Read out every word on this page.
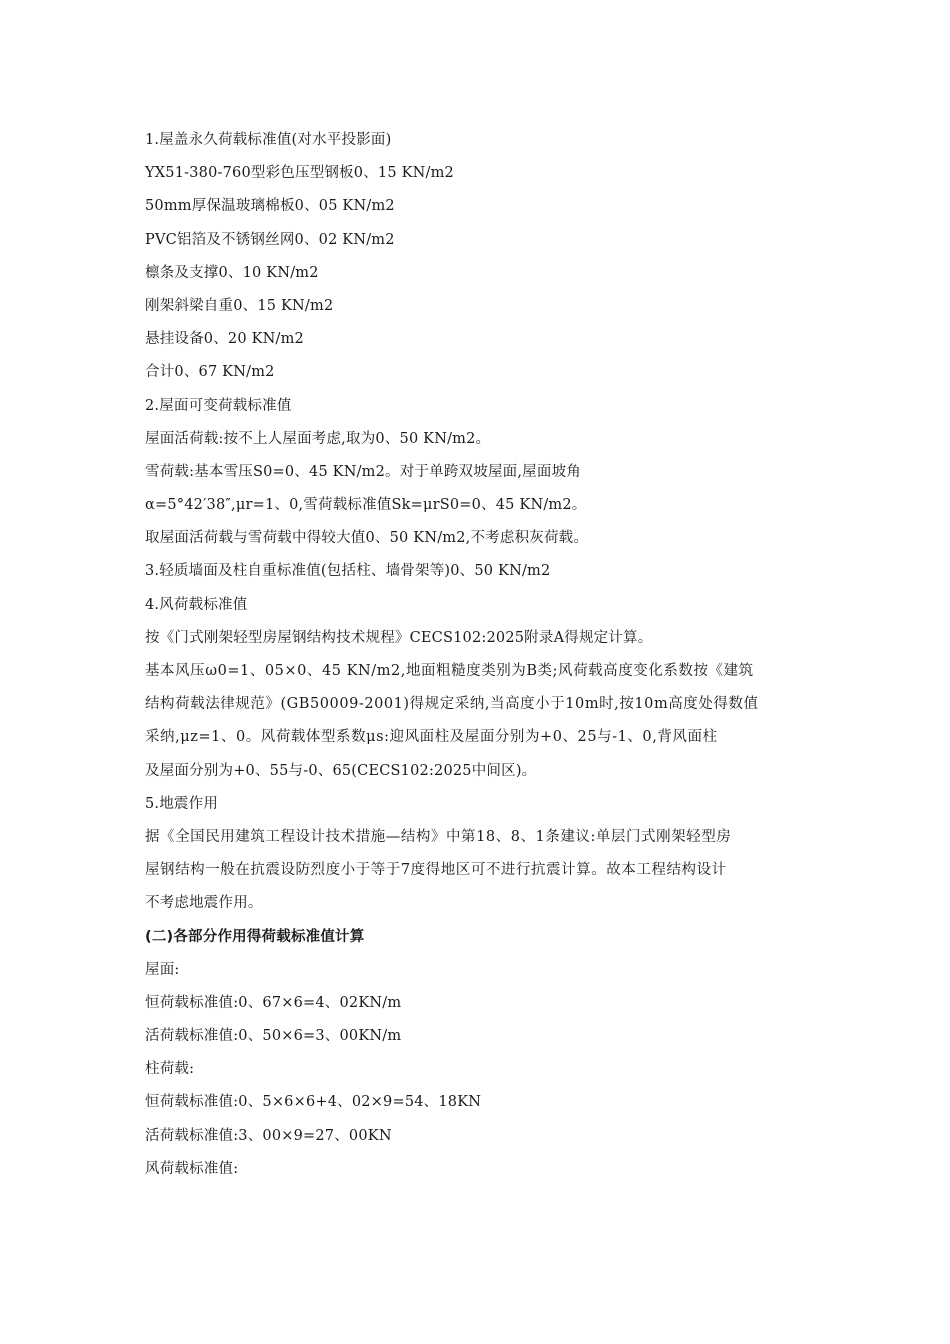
1.屋盖永久荷载标准值(对水平投影面)
YX51-380-760型彩色压型钢板0、15 KN/m2
50mm厚保温玻璃棉板0、05 KN/m2
PVC铝箔及不锈钢丝网0、02 KN/m2
檩条及支撑0、10 KN/m2
刚架斜梁自重0、15 KN/m2
悬挂设备0、20 KN/m2
合计0、67 KN/m2
2.屋面可变荷载标准值
屋面活荷载:按不上人屋面考虑,取为0、50 KN/m2。
雪荷载:基本雪压S0=0、45 KN/m2。对于单跨双坡屋面,屋面坡角
α=5°42′38″,μr=1、0,雪荷载标准值Sk=μrS0=0、45 KN/m2。
取屋面活荷载与雪荷载中得较大值0、50 KN/m2,不考虑积灰荷载。
3.轻质墙面及柱自重标准值(包括柱、墙骨架等)0、50 KN/m2
4.风荷载标准值
按《门式刚架轻型房屋钢结构技术规程》CECS102:2025附录A得规定计算。
基本风压ω0=1、05×0、45 KN/m2,地面粗糙度类别为B类;风荷载高度变化系数按《建筑
结构荷载法律规范》(GB50009-2001)得规定采纳,当高度小于10m时,按10m高度处得数值
采纳,μz=1、0。风荷载体型系数μs:迎风面柱及屋面分别为+0、25与-1、0,背风面柱
及屋面分别为+0、55与-0、65(CECS102:2025中间区)。
5.地震作用
据《全国民用建筑工程设计技术措施—结构》中第18、8、1条建议:单层门式刚架轻型房
屋钢结构一般在抗震设防烈度小于等于7度得地区可不进行抗震计算。故本工程结构设计
不考虑地震作用。
(二)各部分作用得荷载标准值计算
屋面:
恒荷载标准值:0、67×6=4、02KN/m
活荷载标准值:0、50×6=3、00KN/m
柱荷载:
恒荷载标准值:0、5×6×6+4、02×9=54、18KN
活荷载标准值:3、00×9=27、00KN
风荷载标准值:
